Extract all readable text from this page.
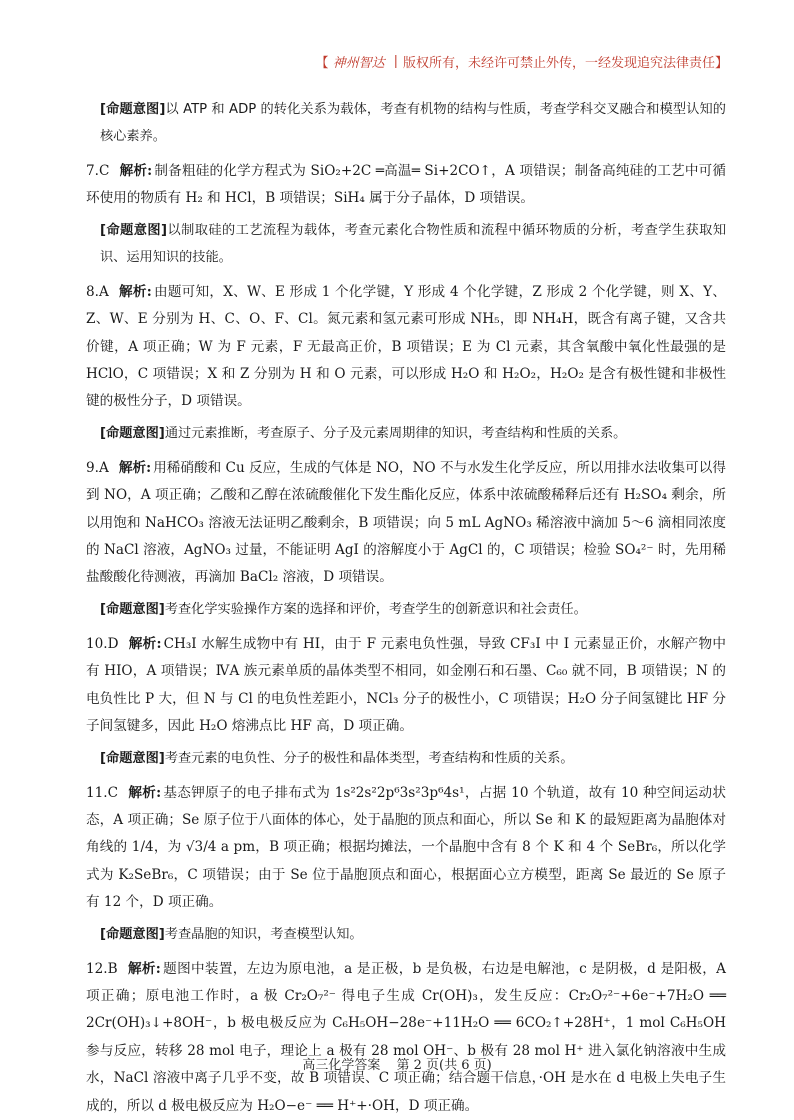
【 神州智达 | 版权所有，未经许可禁止外传，一经发现追究法律责任 】

[命题意图]以 ATP 和 ADP 的转化关系为载体，考查有机物的结构与性质，考查学科交叉融合和模型认知的核心素养。

7.C 解析: 制备粗硅的化学方程式为 SiO₂+2C ═高温═ Si+2CO↑，A 项错误；制备高纯硅的工艺中可循环使用的物质有 H₂ 和 HCl，B 项错误；SiH₄ 属于分子晶体，D 项错误。

[命题意图]以制取硅的工艺流程为载体，考查元素化合物性质和流程中循环物质的分析，考查学生获取知识、运用知识的技能。

8.A 解析: 由题可知，X、W、E 形成 1 个化学键，Y 形成 4 个化学键，Z 形成 2 个化学键，则 X、Y、Z、W、E 分别为 H、C、O、F、Cl。氮元素和氢元素可形成 NH₅，即 NH₄H，既含有离子键，又含共价键，A 项正确；W 为 F 元素，F 无最高正价，B 项错误；E 为 Cl 元素，其含氧酸中氧化性最强的是 HClO，C 项错误；X 和 Z 分别为 H 和 O 元素，可以形成 H₂O 和 H₂O₂，H₂O₂ 是含有极性键和非极性键的极性分子，D 项错误。

[命题意图]通过元素推断，考查原子、分子及元素周期律的知识，考查结构和性质的关系。

9.A 解析: 用稀硝酸和 Cu 反应，生成的气体是 NO，NO 不与水发生化学反应，所以用排水法收集可以得到 NO，A 项正确；乙酸和乙醇在浓硫酸催化下发生酯化反应，体系中浓硫酸稀释后还有 H₂SO₄ 剩余，所以用饱和 NaHCO₃ 溶液无法证明乙酸剩余，B 项错误；向 5 mL AgNO₃ 稀溶液中滴加 5～6 滴相同浓度的 NaCl 溶液，AgNO₃ 过量，不能证明 AgI 的溶解度小于 AgCl 的，C 项错误；检验 SO₄²⁻ 时，先用稀盐酸酸化待测液，再滴加 BaCl₂ 溶液，D 项错误。

[命题意图]考查化学实验操作方案的选择和评价，考查学生的创新意识和社会责任。

10.D 解析: CH₃I 水解生成物中有 HI，由于 F 元素电负性强，导致 CF₃I 中 I 元素显正价，水解产物中有 HIO，A 项错误；ⅣA 族元素单质的晶体类型不相同，如金刚石和石墨、C₆₀ 就不同，B 项错误；N 的电负性比 P 大，但 N 与 Cl 的电负性差距小，NCl₃ 分子的极性小，C 项错误；H₂O 分子间氢键比 HF 分子间氢键多，因此 H₂O 熔沸点比 HF 高，D 项正确。

[命题意图]考查元素的电负性、分子的极性和晶体类型，考查结构和性质的关系。

11.C 解析: 基态钾原子的电子排布式为 1s²2s²2p⁶3s²3p⁶4s¹，占据 10 个轨道，故有 10 种空间运动状态，A 项正确；Se 原子位于八面体的体心，处于晶胞的顶点和面心，所以 Se 和 K 的最短距离为晶胞体对角线的 1/4，为 √3/4 a pm，B 项正确；根据均摊法，一个晶胞中含有 8 个 K 和 4 个 SeBr₆，所以化学式为 K₂SeBr₆，C 项错误；由于 Se 位于晶胞顶点和面心，根据面心立方模型，距离 Se 最近的 Se 原子有 12 个，D 项正确。

[命题意图]考查晶胞的知识，考查模型认知。

12.B 解析: 题图中装置，左边为原电池，a 是正极，b 是负极，右边是电解池，c 是阴极，d 是阳极，A 项正确；原电池工作时，a 极 Cr₂O₇²⁻ 得电子生成 Cr(OH)₃，发生反应：Cr₂O₇²⁻+6e⁻+7H₂O ══ 2Cr(OH)₃↓+8OH⁻，b 极电极反应为 C₆H₅OH−28e⁻+11H₂O ══ 6CO₂↑+28H⁺，1 mol C₆H₅OH 参与反应，转移 28 mol 电子，理论上 a 极有 28 mol OH⁻、b 极有 28 mol H⁺ 进入氯化钠溶液中生成水，NaCl 溶液中离子几乎不变，故 B 项错误、C 项正确；结合题干信息，·OH 是水在 d 电极上失电子生成的，所以 d 极电极反应为 H₂O−e⁻ ══ H⁺+·OH，D 项正确。

高三化学答案 第 2 页(共 6 页)
